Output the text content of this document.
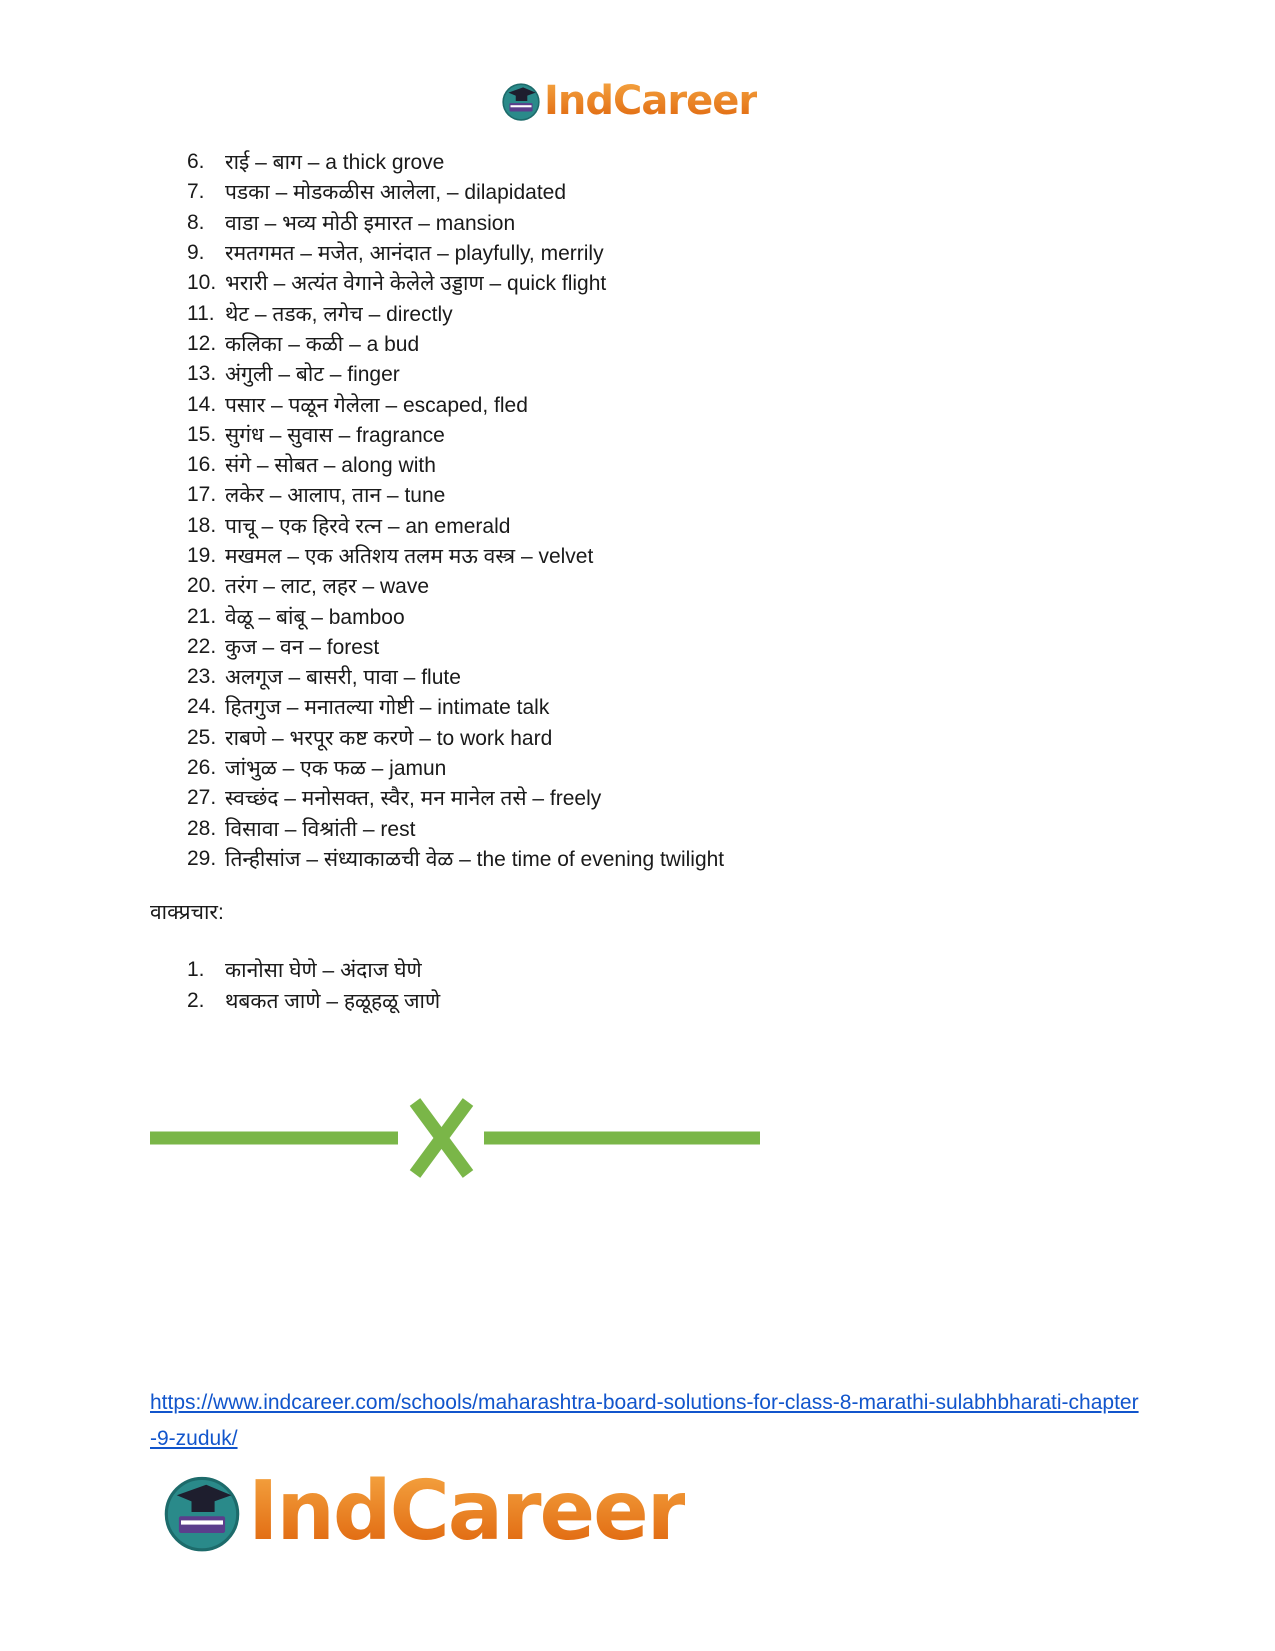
IndCareer
6. राई – बाग – a thick grove
7. पडका – मोडकळीस आलेला, – dilapidated
8. वाडा – भव्य मोठी इमारत – mansion
9. रमतगमत – मजेत, आनंदात – playfully, merrily
10. भरारी – अत्यंत वेगाने केलेले उड्डाण – quick flight
11. थेट – तडक, लगेच – directly
12. कलिका – कळी – a bud
13. अंगुली – बोट – finger
14. पसार – पळून गेलेला – escaped, fled
15. सुगंध – सुवास – fragrance
16. संगे – सोबत – along with
17. लकेर – आलाप, तान – tune
18. पाचू – एक हिरवे रत्न – an emerald
19. मखमल – एक अतिशय तलम मऊ वस्त्र – velvet
20. तरंग – लाट, लहर – wave
21. वेळू – बांबू – bamboo
22. कुज – वन – forest
23. अलगूज – बासरी, पावा – flute
24. हितगुज – मनातल्या गोष्टी – intimate talk
25. राबणे – भरपूर कष्ट करणे – to work hard
26. जांभुळ – एक फळ – jamun
27. स्वच्छंद – मनोसक्त, स्वैर, मन मानेल तसे – freely
28. विसावा – विश्रांती – rest
29. तिन्हीसांज – संध्याकाळची वेळ – the time of evening twilight
वाक्प्रचार:
1. कानोसा घेणे – अंदाज घेणे
2. थबकत जाणे – हळूहळू जाणे
https://www.indcareer.com/schools/maharashtra-board-solutions-for-class-8-marathi-sulabhbharati-chapter-9-zuduk/
IndCareer
